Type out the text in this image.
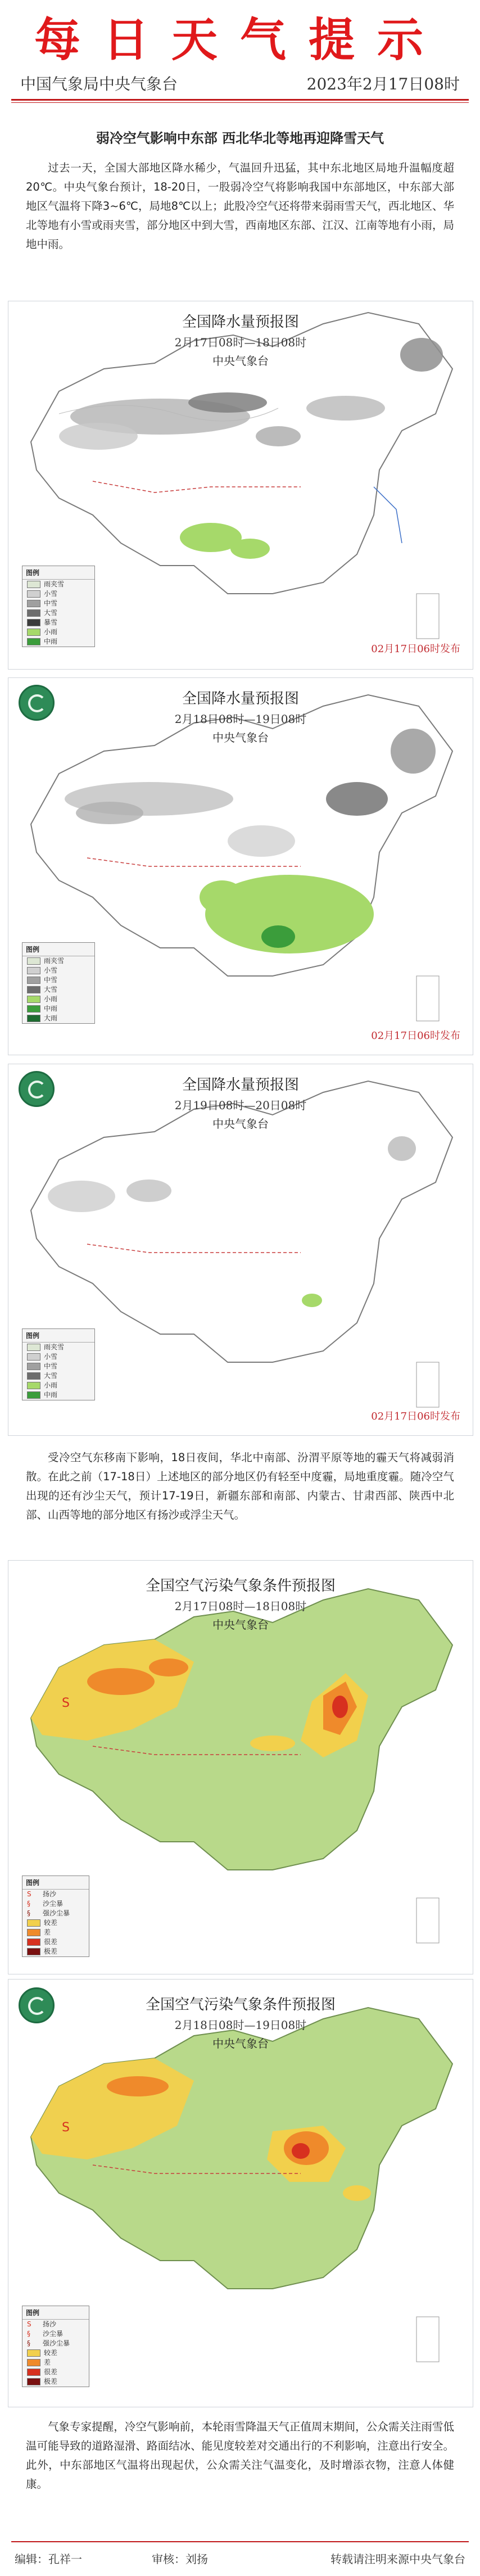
每日天气提示
中国气象局中央气象台	2023年2月17日08时
弱冷空气影响中东部 西北华北等地再迎降雪天气

过去一天，全国大部地区降水稀少，气温回升迅猛，其中东北地区局地升温幅度超20℃。中央气象台预计，18-20日，一股弱冷空气将影响我国中东部地区，中东部大部地区气温将下降3~6℃，局地8℃以上；此股冷空气还将带来弱雨雪天气，西北地区、华北等地有小雪或雨夹雪，部分地区中到大雪，西南地区东部、江汉、江南等地有小雨，局地中雨。

全国降水量预报图
2月17日08时—18日08时
中央气象台
图例
雨夹雪
小雪
中雪
大雪
暴雪
小雨
中雨
02月17日06时发布
全国降水量预报图
2月18日08时—19日08时
中央气象台
图例
雨夹雪
小雪
中雪
大雪
小雨
中雨
大雨
02月17日06时发布
全国降水量预报图
2月19日08时—20日08时
中央气象台
图例
雨夹雪
小雪
中雪
大雪
小雨
中雨
02月17日06时发布

受冷空气东移南下影响，18日夜间，华北中南部、汾渭平原等地的霾天气将减弱消散。在此之前（17-18日）上述地区的部分地区仍有轻至中度霾，局地重度霾。随冷空气出现的还有沙尘天气，预计17-19日，新疆东部和南部、内蒙古、甘肃西部、陕西中北部、山西等地的部分地区有扬沙或浮尘天气。

S
全国空气污染气象条件预报图
2月17日08时—18日08时
中央气象台
图例
S	扬沙
§	沙尘暴
§	强沙尘暴
较差
差
很差
极差
S
全国空气污染气象条件预报图
2月18日08时—19日08时
中央气象台
图例
S	扬沙
§	沙尘暴
§	强沙尘暴
较差
差
很差
极差

气象专家提醒，冷空气影响前，本轮雨雪降温天气正值周末期间，公众需关注雨雪低温可能导致的道路湿滑、路面结冰、能见度较差对交通出行的不利影响，注意出行安全。此外，中东部地区气温将出现起伏，公众需关注气温变化，及时增添衣物，注意人体健康。

编辑：孔祥一	审核：刘扬	转载请注明来源中央气象台
